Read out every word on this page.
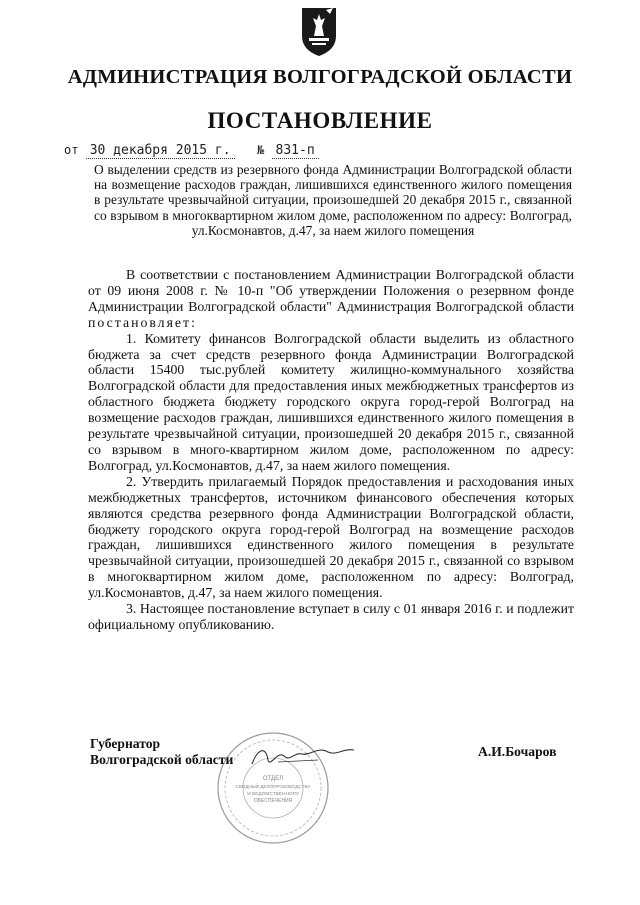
АДМИНИСТРАЦИЯ ВОЛГОГРАДСКОЙ ОБЛАСТИ
ПОСТАНОВЛЕНИЕ
от 30 декабря 2015 г. № 831-п
О выделении средств из резервного фонда Администрации Волгоградской области на возмещение расходов граждан, лишившихся единственного жилого помещения в результате чрезвычайной ситуации, произошедшей 20 декабря 2015 г., связанной со взрывом в многоквартирном жилом доме, расположенном по адресу: Волгоград, ул.Космонавтов, д.47, за наем жилого помещения

В соответствии с постановлением Администрации Волгоградской области от 09 июня 2008 г. № 10-п "Об утверждении Положения о резервном фонде Администрации Волгоградской области" Администрация Волгоградской области постановляет:

1. Комитету финансов Волгоградской области выделить из областного бюджета за счет средств резервного фонда Администрации Волгоградской области 15400 тыс.рублей комитету жилищно-коммунального хозяйства Волгоградской области для предоставления иных межбюджетных трансфертов из областного бюджета бюджету городского округа город-герой Волгоград на возмещение расходов граждан, лишившихся единственного жилого помещения в результате чрезвычайной ситуации, произошедшей 20 декабря 2015 г., связанной со взрывом в много-квартирном жилом доме, расположенном по адресу: Волгоград, ул.Космонавтов, д.47, за наем жилого помещения.

2. Утвердить прилагаемый Порядок предоставления и расходования иных межбюджетных трансфертов, источником финансового обеспечения которых являются средства резервного фонда Администрации Волгоградской области, бюджету городского округа город-герой Волгоград на возмещение расходов граждан, лишившихся единственного жилого помещения в результате чрезвычайной ситуации, произошедшей 20 декабря 2015 г., связанной со взрывом в многоквартирном жилом доме, расположенном по адресу: Волгоград, ул.Космонавтов, д.47, за наем жилого помещения.

3. Настоящее постановление вступает в силу с 01 января 2016 г. и подлежит официальному опубликованию.

ОТДЕЛ
СВОДНЫЙ ДЕЛОПРОИЗВОДСТВА
И ВЕДОМСТВЕННОГО
ОБЕСПЕЧЕНИЯ
Губернатор
Волгоградской области	А.И.Бочаров
